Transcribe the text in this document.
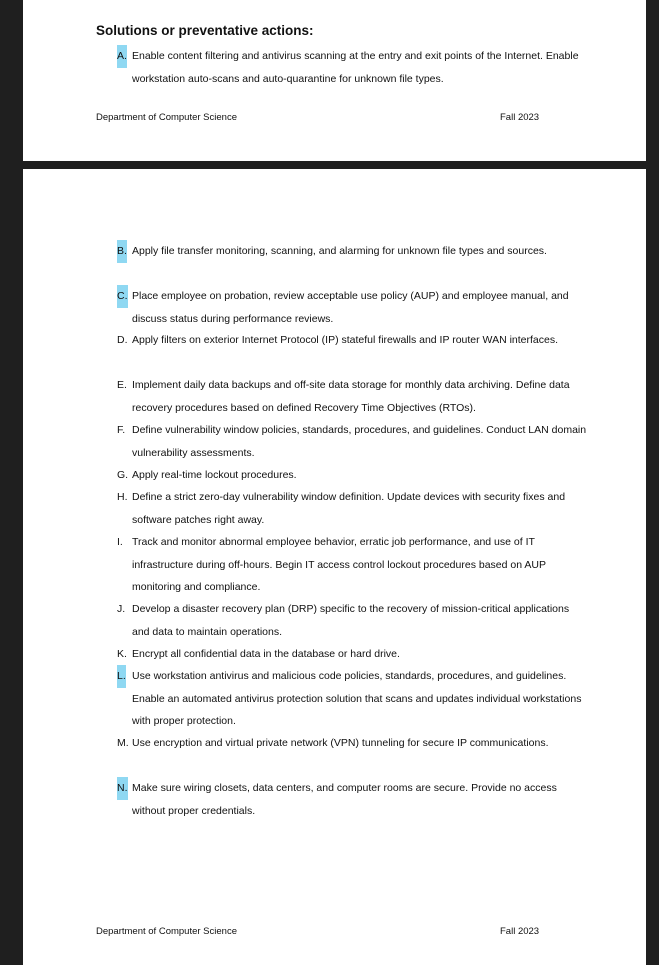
Solutions or preventative actions:
A. Enable content filtering and antivirus scanning at the entry and exit points of the Internet. Enable workstation auto-scans and auto-quarantine for unknown file types.
Department of Computer Science	Fall 2023
B. Apply file transfer monitoring, scanning, and alarming for unknown file types and sources.
C. Place employee on probation, review acceptable use policy (AUP) and employee manual, and discuss status during performance reviews.
D. Apply filters on exterior Internet Protocol (IP) stateful firewalls and IP router WAN interfaces.
E. Implement daily data backups and off-site data storage for monthly data archiving. Define data recovery procedures based on defined Recovery Time Objectives (RTOs).
F. Define vulnerability window policies, standards, procedures, and guidelines. Conduct LAN domain vulnerability assessments.
G. Apply real-time lockout procedures.
H. Define a strict zero-day vulnerability window definition. Update devices with security fixes and software patches right away.
I. Track and monitor abnormal employee behavior, erratic job performance, and use of IT infrastructure during off-hours. Begin IT access control lockout procedures based on AUP monitoring and compliance.
J. Develop a disaster recovery plan (DRP) specific to the recovery of mission-critical applications and data to maintain operations.
K. Encrypt all confidential data in the database or hard drive.
L. Use workstation antivirus and malicious code policies, standards, procedures, and guidelines. Enable an automated antivirus protection solution that scans and updates individual workstations with proper protection.
M. Use encryption and virtual private network (VPN) tunneling for secure IP communications.
N. Make sure wiring closets, data centers, and computer rooms are secure. Provide no access without proper credentials.
Department of Computer Science	Fall 2023
